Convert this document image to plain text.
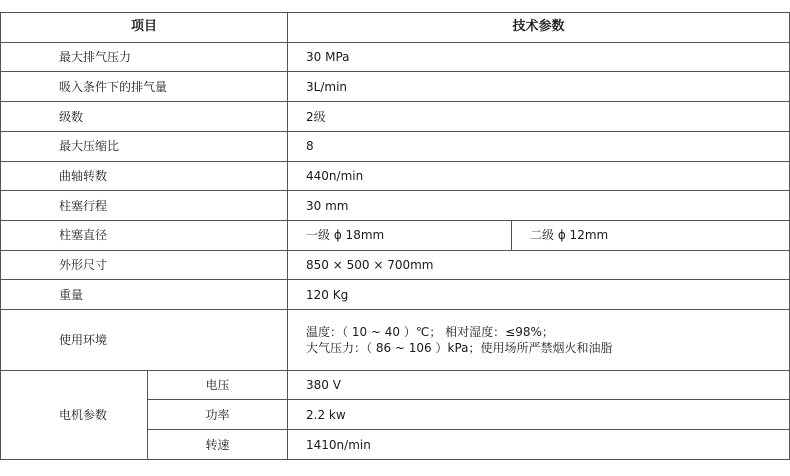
项目		技术参数	
最大排气压力		30 MPa	
吸入条件下的排气量		3L/min	
级数		2级	
最大压缩比		8	
曲轴转数		440n/min	
柱塞行程		30 mm	
柱塞直径		一级 ϕ 18mm	二级 ϕ 12mm
外形尺寸		850 × 500 × 700mm	
重量		120 Kg	
使用环境		温度：（ 10 ~ 40 ）℃； 相对湿度：≤98%；
大气压力：（ 86 ~ 106 ）kPa；使用场所严禁烟火和油脂	

电机参数	电压	380 V	
	功率	2.2 kw	
	转速	1410n/min	
